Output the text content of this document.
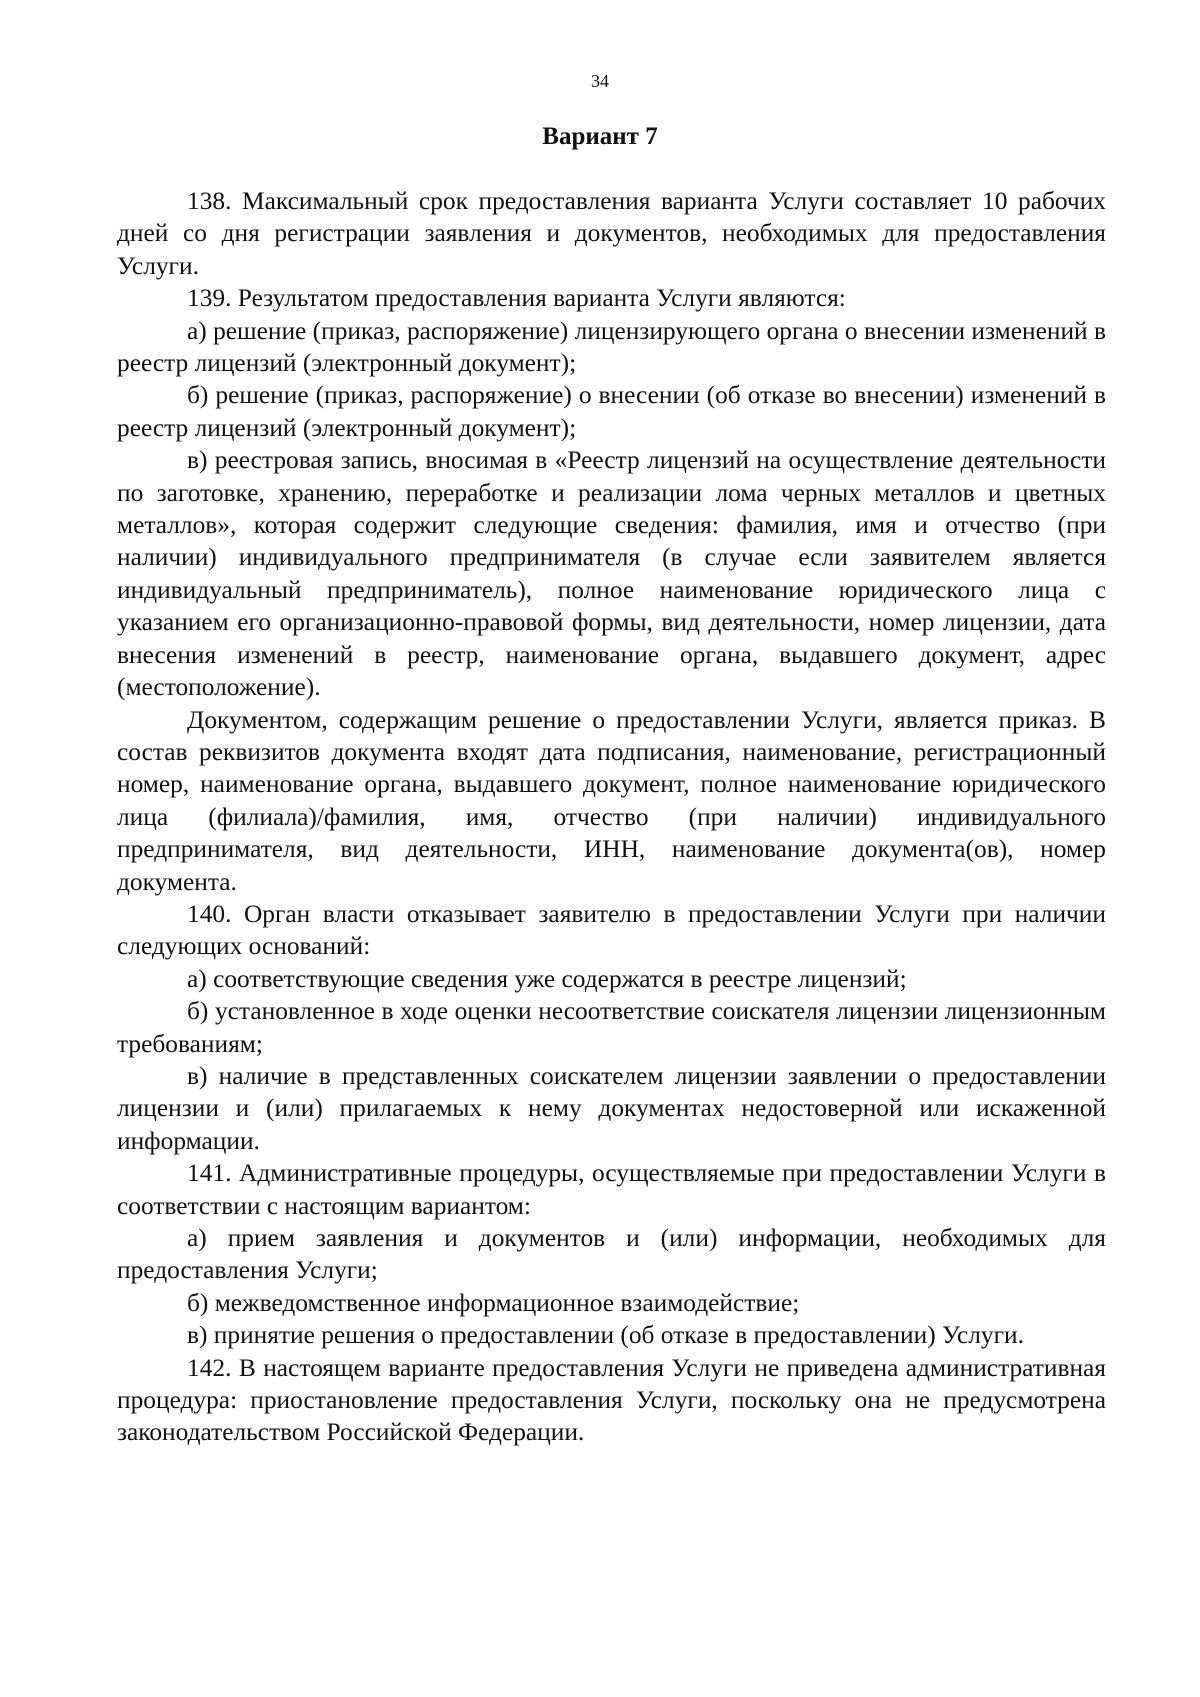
34
Вариант 7

138. Максимальный срок предоставления варианта Услуги составляет 10 рабочих дней со дня регистрации заявления и документов, необходимых для предоставления Услуги.

139. Результатом предоставления варианта Услуги являются:

а) решение (приказ, распоряжение) лицензирующего органа о внесении изменений в реестр лицензий (электронный документ);

б) решение (приказ, распоряжение) о внесении (об отказе во внесении) изменений в реестр лицензий (электронный документ);

в) реестровая запись, вносимая в «Реестр лицензий на осуществление деятельности по заготовке, хранению, переработке и реализации лома черных металлов и цветных металлов», которая содержит следующие сведения: фамилия, имя и отчество (при наличии) индивидуального предпринимателя (в случае если заявителем является индивидуальный предприниматель), полное наименование юридического лица с указанием его организационно-правовой формы, вид деятельности, номер лицензии, дата внесения изменений в реестр, наименование органа, выдавшего документ, адрес (местоположение).

Документом, содержащим решение о предоставлении Услуги, является приказ. В состав реквизитов документа входят дата подписания, наименование, регистрационный номер, наименование органа, выдавшего документ, полное наименование юридического лица (филиала)/фамилия, имя, отчество (при наличии) индивидуального предпринимателя, вид деятельности, ИНН, наименование документа(ов), номер документа.

140. Орган власти отказывает заявителю в предоставлении Услуги при наличии следующих оснований:

а) соответствующие сведения уже содержатся в реестре лицензий;

б) установленное в ходе оценки несоответствие соискателя лицензии лицензионным требованиям;

в) наличие в представленных соискателем лицензии заявлении о предоставлении лицензии и (или) прилагаемых к нему документах недостоверной или искаженной информации.

141. Административные процедуры, осуществляемые при предоставлении Услуги в соответствии с настоящим вариантом:

а) прием заявления и документов и (или) информации, необходимых для предоставления Услуги;

б) межведомственное информационное взаимодействие;

в) принятие решения о предоставлении (об отказе в предоставлении) Услуги.

142. В настоящем варианте предоставления Услуги не приведена административная процедура: приостановление предоставления Услуги, поскольку она не предусмотрена законодательством Российской Федерации.
